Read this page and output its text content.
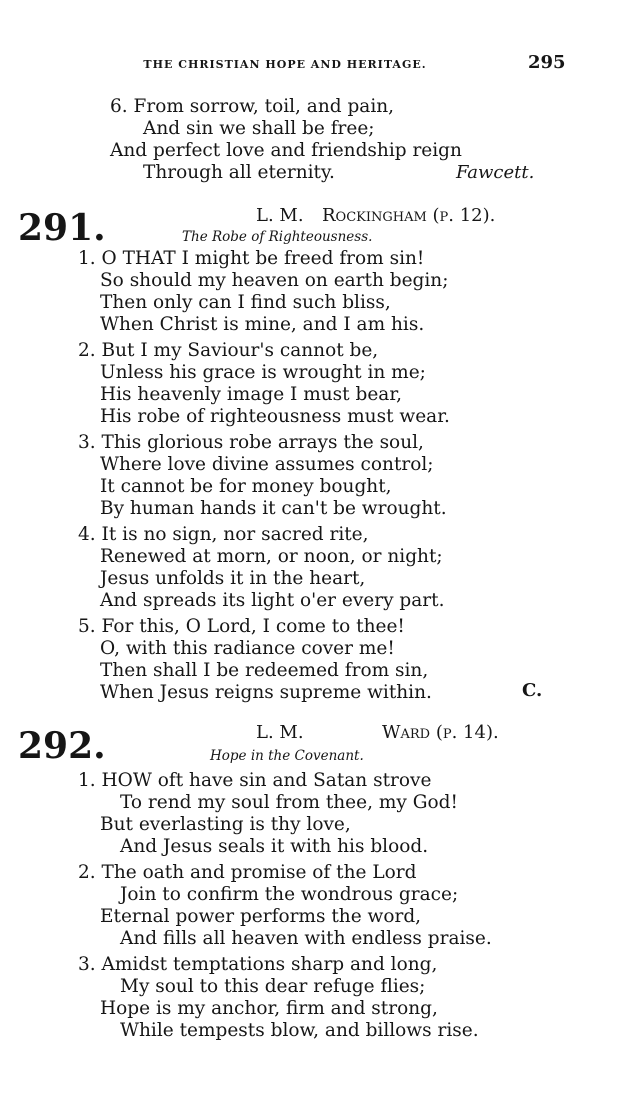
THE CHRISTIAN HOPE AND HERITAGE.	295
6. From sorrow, toil, and pain,
And sin we shall be free;
And perfect love and friendship reign
Through all eternity.	Fawcett.
291.	L. M. Rockingham (p. 12).
The Robe of Righteousness.
1. O THAT I might be freed from sin!
So should my heaven on earth begin;
Then only can I find such bliss,
When Christ is mine, and I am his.
2. But I my Saviour's cannot be,
Unless his grace is wrought in me;
His heavenly image I must bear,
His robe of righteousness must wear.
3. This glorious robe arrays the soul,
Where love divine assumes control;
It cannot be for money bought,
By human hands it can't be wrought.
4. It is no sign, nor sacred rite,
Renewed at morn, or noon, or night;
Jesus unfolds it in the heart,
And spreads its light o'er every part.
5. For this, O Lord, I come to thee!
O, with this radiance cover me!
Then shall I be redeemed from sin,
When Jesus reigns supreme within.	C.
292.	L. M.	Ward (p. 14).
Hope in the Covenant.
1. HOW oft have sin and Satan strove
To rend my soul from thee, my God!
But everlasting is thy love,
And Jesus seals it with his blood.
2. The oath and promise of the Lord
Join to confirm the wondrous grace;
Eternal power performs the word,
And fills all heaven with endless praise.
3. Amidst temptations sharp and long,
My soul to this dear refuge flies;
Hope is my anchor, firm and strong,
While tempests blow, and billows rise.
